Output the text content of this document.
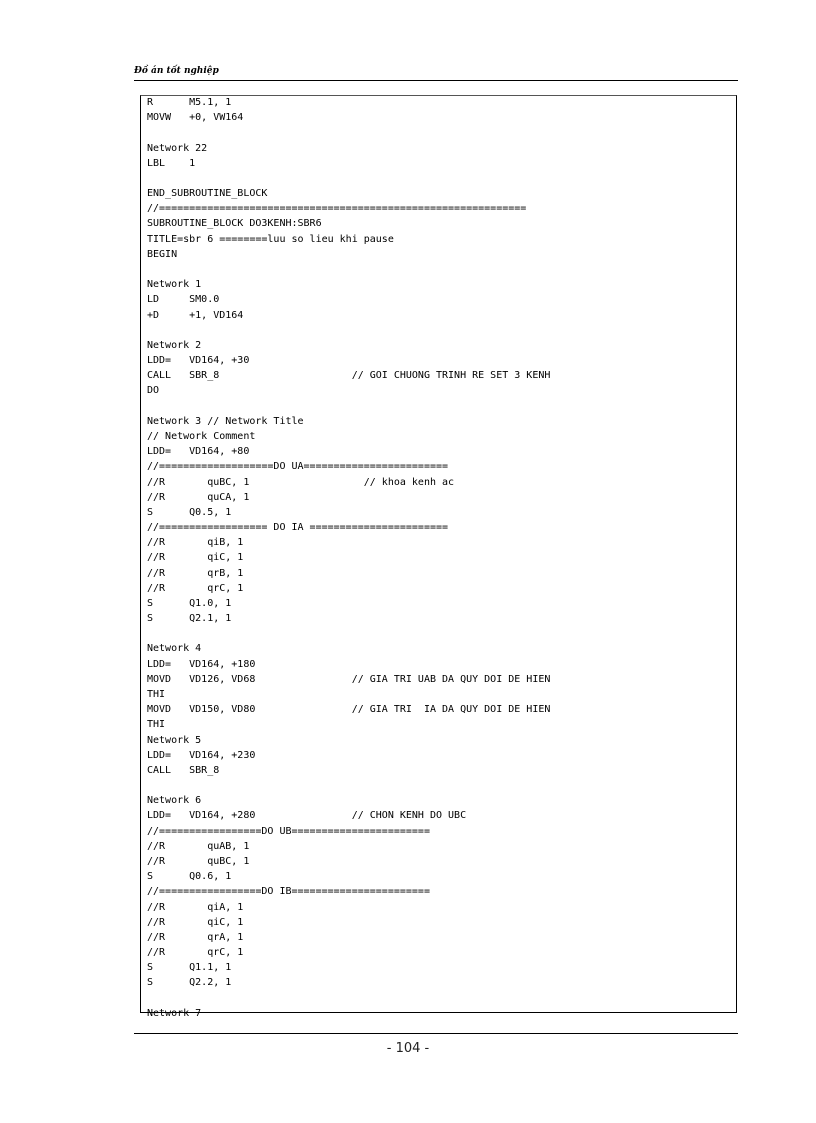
Đồ án tốt nghiệp
R      M5.1, 1
MOVW   +0, VW164
Network 22
LBL    1
END_SUBROUTINE_BLOCK
//=============================================================
SUBROUTINE_BLOCK DO3KENH:SBR6
TITLE=sbr 6 ========luu so lieu khi pause
BEGIN
Network 1
LD     SM0.0
+D     +1, VD164
Network 2
LDD=   VD164, +30
CALL   SBR_8                      // GOI CHUONG TRINH RE SET 3 KENH
DO
Network 3 // Network Title
// Network Comment
LDD=   VD164, +80
//===================DO UA========================
//R       quBC, 1                   // khoa kenh ac
//R       quCA, 1
S      Q0.5, 1
//================== DO IA =======================
//R       qiB, 1
//R       qiC, 1
//R       qrB, 1
//R       qrC, 1
S      Q1.0, 1
S      Q2.1, 1
Network 4
LDD=   VD164, +180
MOVD   VD126, VD68                // GIA TRI UAB DA QUY DOI DE HIEN
THI
MOVD   VD150, VD80                // GIA TRI  IA DA QUY DOI DE HIEN
THI
Network 5
LDD=   VD164, +230
CALL   SBR_8
Network 6
LDD=   VD164, +280                // CHON KENH DO UBC
//=================DO UB=======================
//R       quAB, 1
//R       quBC, 1
S      Q0.6, 1
//=================DO IB=======================
//R       qiA, 1
//R       qiC, 1
//R       qrA, 1
//R       qrC, 1
S      Q1.1, 1
S      Q2.2, 1
Network 7
- 104 -
